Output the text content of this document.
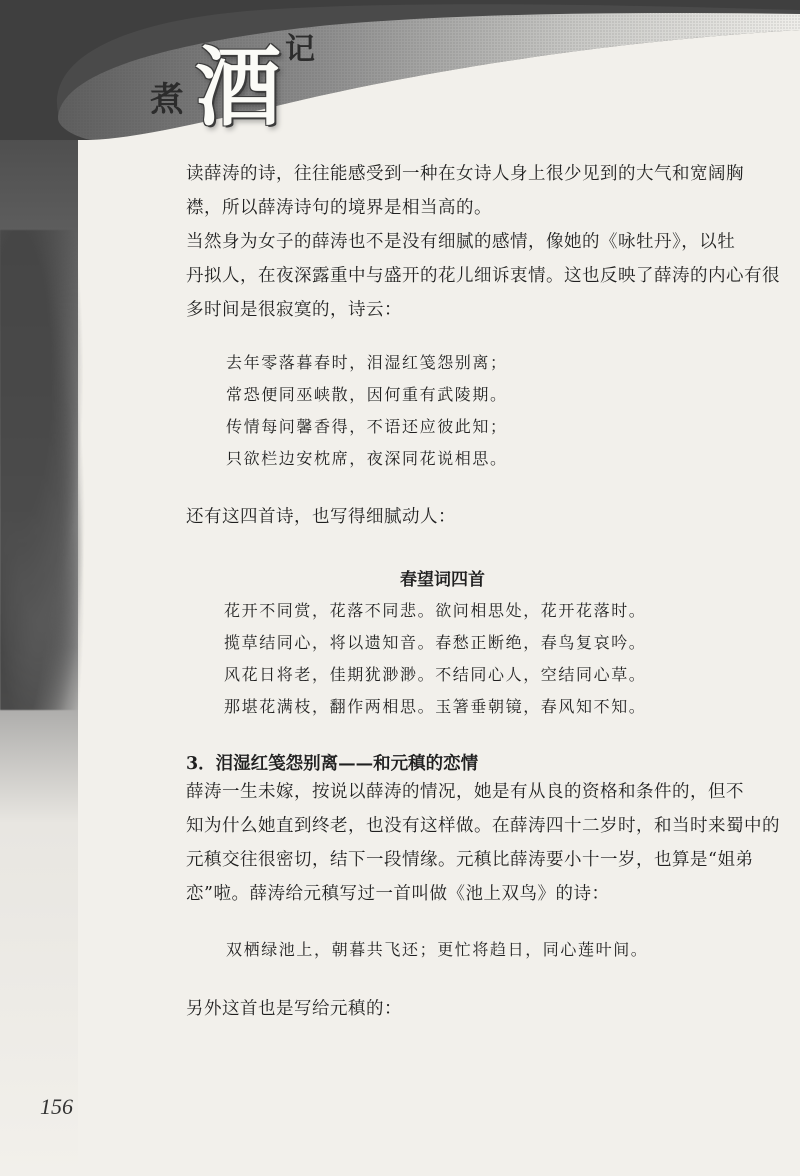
煮 酒 记
读薛涛的诗，往往能感受到一种在女诗人身上很少见到的大气和宽阔胸
襟，所以薛涛诗句的境界是相当高的。
当然身为女子的薛涛也不是没有细腻的感情，像她的《咏牡丹》，以牡
丹拟人，在夜深露重中与盛开的花儿细诉衷情。这也反映了薛涛的内心有很
多时间是很寂寞的，诗云：
去年零落暮春时，泪湿红笺怨别离；
常恐便同巫峡散，因何重有武陵期。
传情每问馨香得，不语还应彼此知；
只欲栏边安枕席，夜深同花说相思。
还有这四首诗，也写得细腻动人：
春望词四首
花开不同赏，花落不同悲。欲问相思处，花开花落时。
揽草结同心，将以遗知音。春愁正断绝，春鸟复哀吟。
风花日将老，佳期犹渺渺。不结同心人，空结同心草。
那堪花满枝，翻作两相思。玉箸垂朝镜，春风知不知。
3．泪湿红笺怨别离——和元稹的恋情
薛涛一生未嫁，按说以薛涛的情况，她是有从良的资格和条件的，但不
知为什么她直到终老，也没有这样做。在薛涛四十二岁时，和当时来蜀中的
元稹交往很密切，结下一段情缘。元稹比薛涛要小十一岁，也算是“姐弟
恋”啦。薛涛给元稹写过一首叫做《池上双鸟》的诗：
双栖绿池上，朝暮共飞还；更忙将趋日，同心莲叶间。
另外这首也是写给元稹的：
156
